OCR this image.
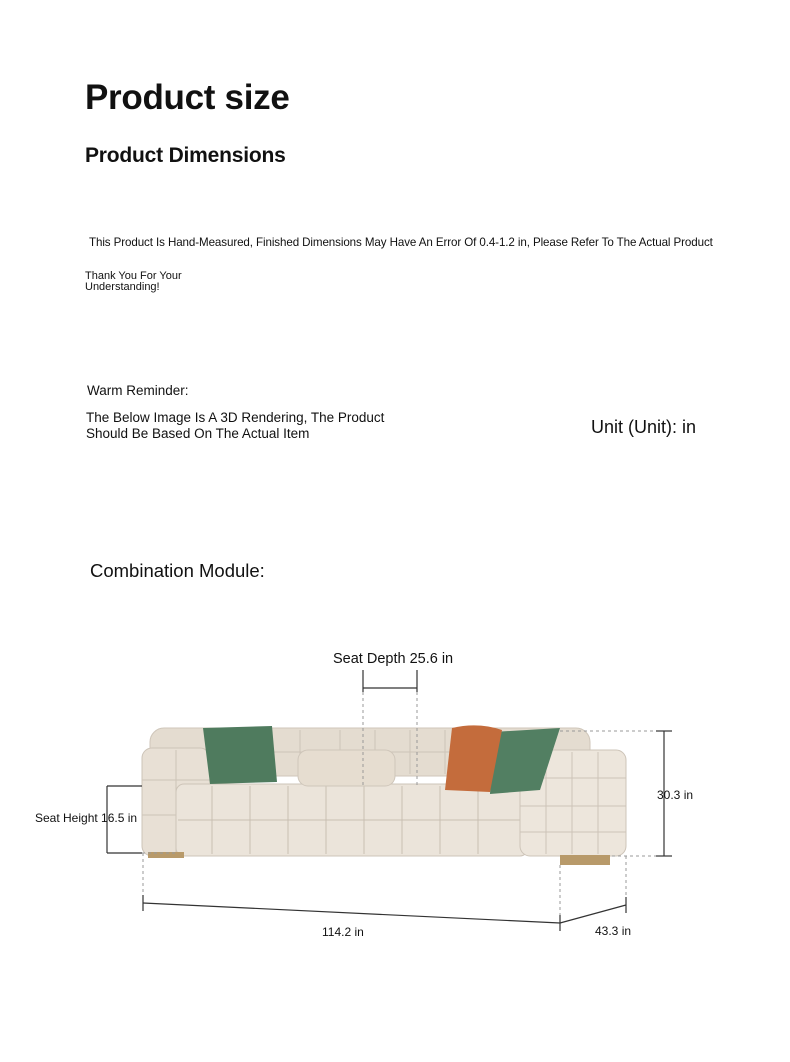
Product size
Product Dimensions
This Product Is Hand-Measured, Finished Dimensions May Have An Error Of 0.4-1.2 in, Please Refer To The Actual Product
Thank You For Your Understanding!
Warm Reminder:
The Below Image Is A 3D Rendering, The Product Should Be Based On The Actual Item	Unit (Unit): in
Combination Module:
Seat Depth 25.6 in
Seat Height 16.5 in
30.3 in
114.2 in	43.3 in
